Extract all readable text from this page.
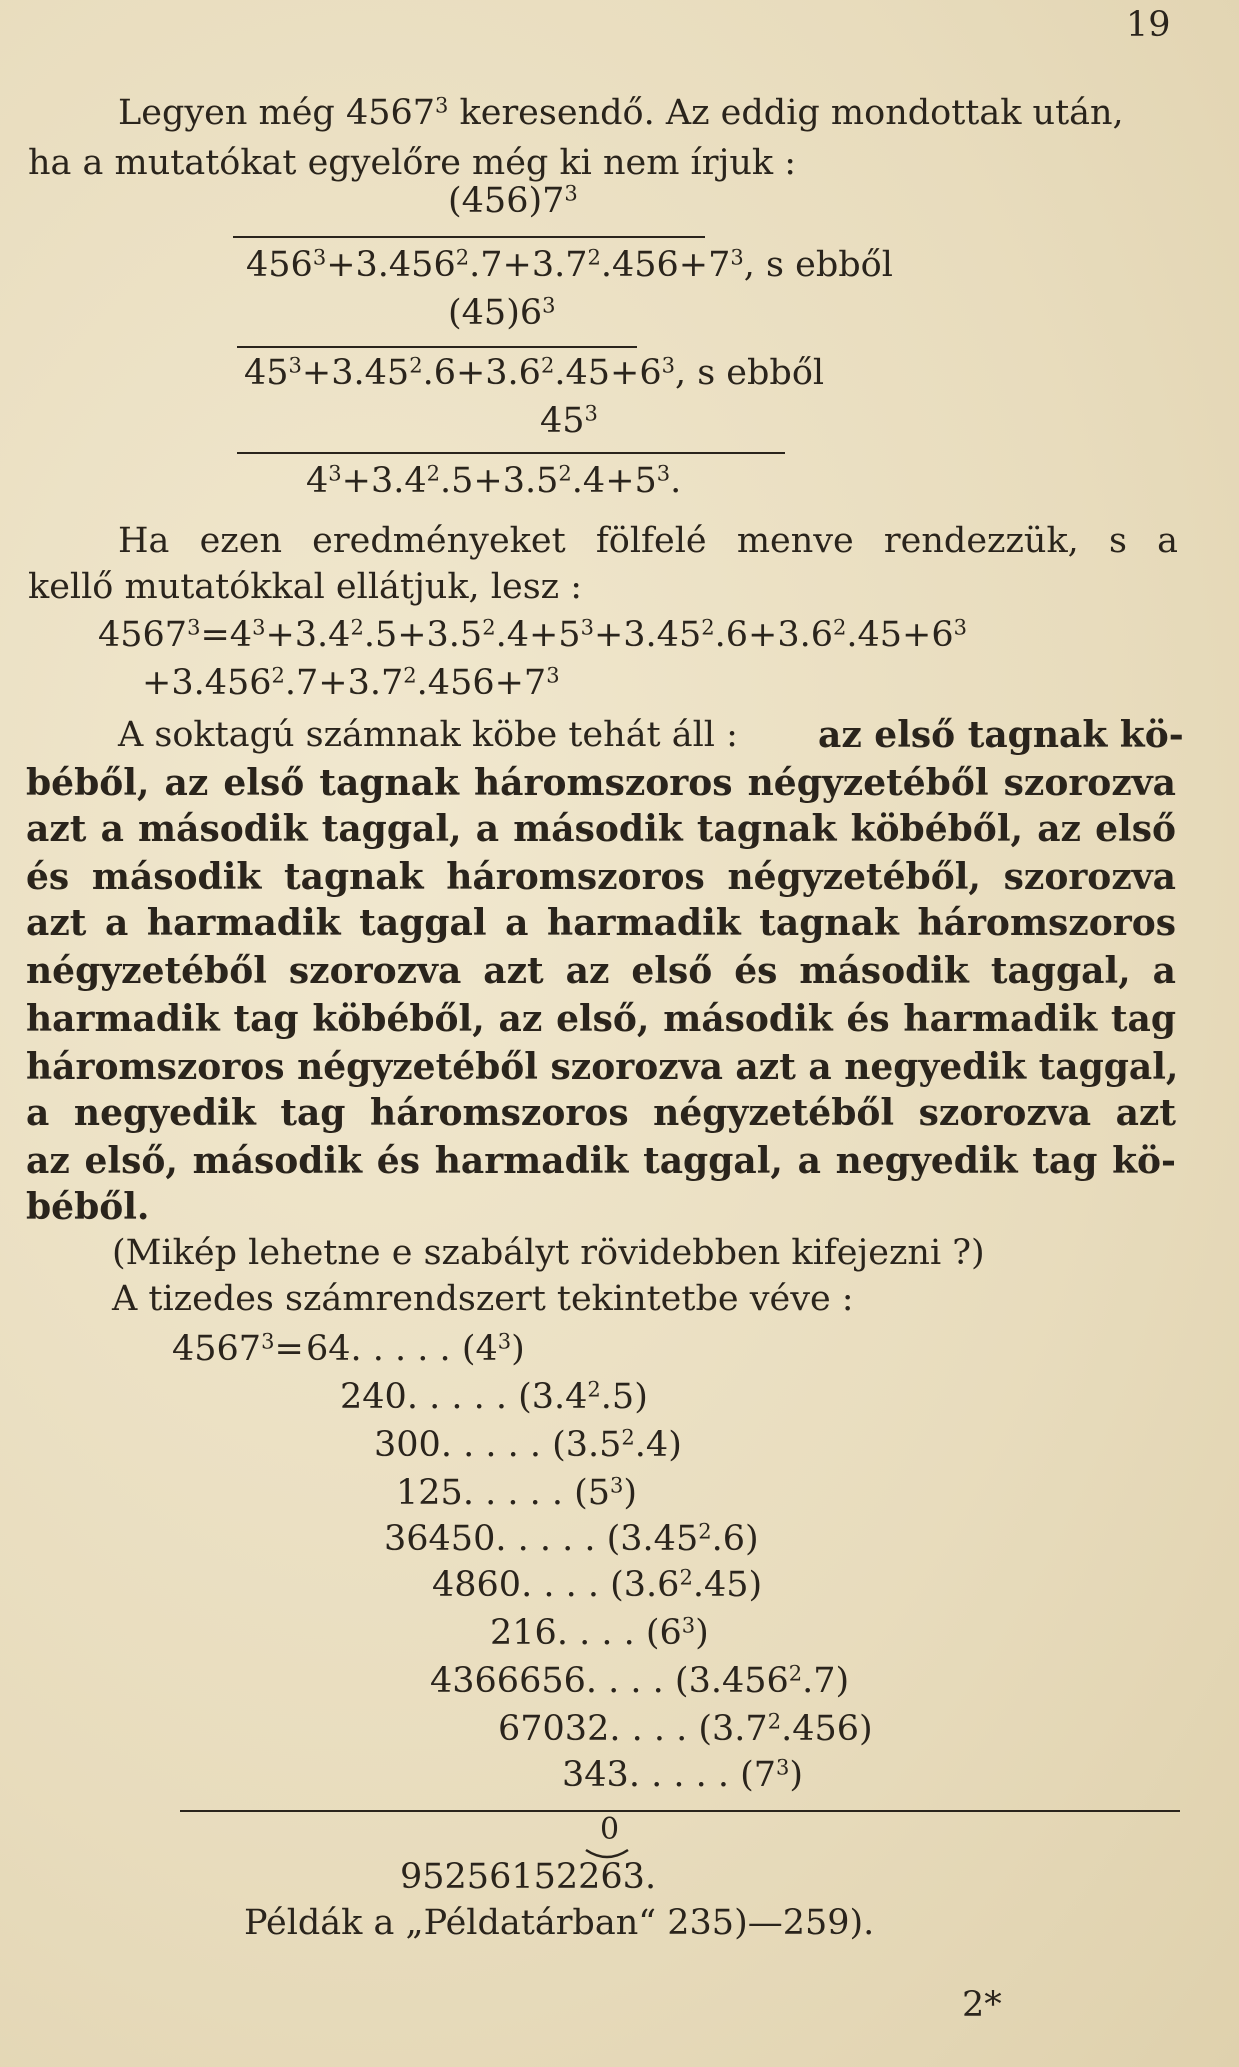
19
Legyen még 4567$^3$ keresendő. Az eddig mondottak után,
ha a mutatókat egyelőre még ki nem írjuk :
$(456)7^3$
$456^3+3.456^2.7+3.7^2.456+7^3$, s ebből
$(45)6^3$
$45^3+3.45^2.6+3.6^2.45+6^3$, s ebből
$45^3$
$4^3+3.4^2.5+3.5^2.4+5^3$.
Ha ezen eredményeket fölfelé menve rendezzük, s a
kellő mutatókkal ellátjuk, lesz :
$4567^3=4^3+3.4^2.5+3.5^2.4+5^3+3.45^2.6+3.6^2.45+6^3$
$+3.456^2.7+3.7^2.456+7^3$
A soktagú számnak köbe tehát áll : az első tagnak kö-
béből, az első tagnak háromszoros négyzetéből szorozva
azt a második taggal, a második tagnak köbéből, az első
és második tagnak háromszoros négyzetéből, szorozva
azt a harmadik taggal a harmadik tagnak háromszoros
négyzetéből szorozva azt az első és második taggal, a
harmadik tag köbéből, az első, második és harmadik tag
háromszoros négyzetéből szorozva azt a negyedik taggal,
a negyedik tag háromszoros négyzetéből szorozva azt
az első, második és harmadik taggal, a negyedik tag kö-
béből.
(Mikép lehetne e szabályt rövidebben kifejezni ?)
A tizedes számrendszert tekintetbe véve :
$4567^3= 64$. . . . . $(4^3)$
240. . . . . $(3.4^2.5)$
300. . . . . $(3.5^2.4)$
125. . . . . $(5^3)$
36450. . . . . (3.45$^2$.6)
4860. . . . $(3.6^2.45)$
216. . . . $(6^3)$
4366656. . . . (3.456$^2$.7)
67032. . . . $(3.7^2.456)$
343. . . . . $(7^3)$
0
95256152263.
Példák a „Példatárban“ 235)—259).
2*
